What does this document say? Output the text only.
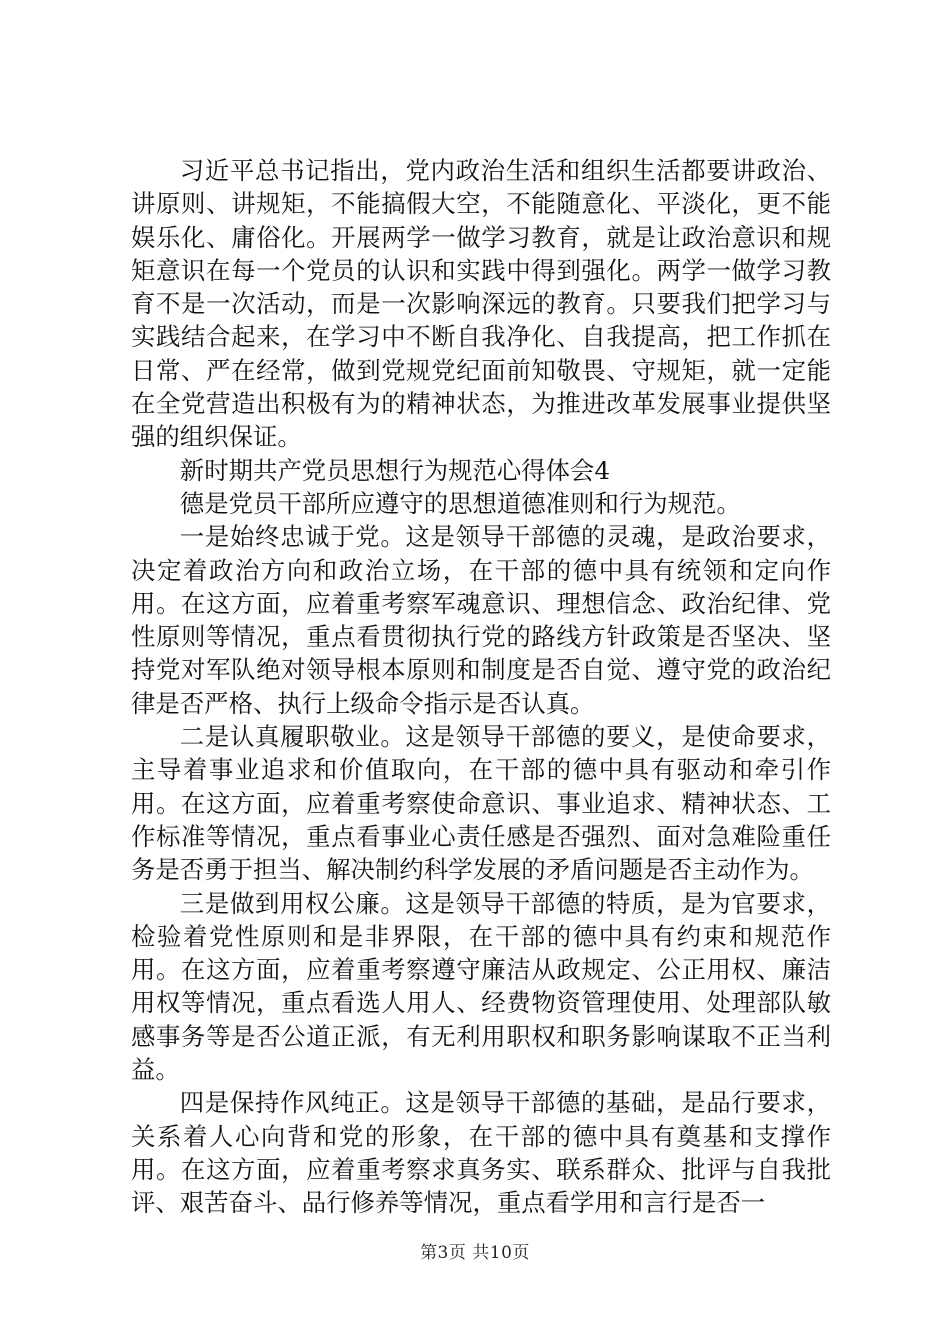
习近平总书记指出，党内政治生活和组织生活都要讲政治、讲原则、讲规矩，不能搞假大空，不能随意化、平淡化，更不能娱乐化、庸俗化。开展两学一做学习教育，就是让政治意识和规矩意识在每一个党员的认识和实践中得到强化。两学一做学习教育不是一次活动，而是一次影响深远的教育。只要我们把学习与实践结合起来，在学习中不断自我净化、自我提高，把工作抓在日常、严在经常，做到党规党纪面前知敬畏、守规矩，就一定能在全党营造出积极有为的精神状态，为推进改革发展事业提供坚强的组织保证。

新时期共产党员思想行为规范心得体会4

德是党员干部所应遵守的思想道德准则和行为规范。

一是始终忠诚于党。这是领导干部德的灵魂，是政治要求，决定着政治方向和政治立场，在干部的德中具有统领和定向作用。在这方面，应着重考察军魂意识、理想信念、政治纪律、党性原则等情况，重点看贯彻执行党的路线方针政策是否坚决、坚持党对军队绝对领导根本原则和制度是否自觉、遵守党的政治纪律是否严格、执行上级命令指示是否认真。

二是认真履职敬业。这是领导干部德的要义，是使命要求，主导着事业追求和价值取向，在干部的德中具有驱动和牵引作用。在这方面，应着重考察使命意识、事业追求、精神状态、工作标准等情况，重点看事业心责任感是否强烈、面对急难险重任务是否勇于担当、解决制约科学发展的矛盾问题是否主动作为。

三是做到用权公廉。这是领导干部德的特质，是为官要求，检验着党性原则和是非界限，在干部的德中具有约束和规范作用。在这方面，应着重考察遵守廉洁从政规定、公正用权、廉洁用权等情况，重点看选人用人、经费物资管理使用、处理部队敏感事务等是否公道正派，有无利用职权和职务影响谋取不正当利益。

四是保持作风纯正。这是领导干部德的基础，是品行要求，关系着人心向背和党的形象，在干部的德中具有奠基和支撑作用。在这方面，应着重考察求真务实、联系群众、批评与自我批评、艰苦奋斗、品行修养等情况，重点看学用和言行是否一

第3页 共10页
